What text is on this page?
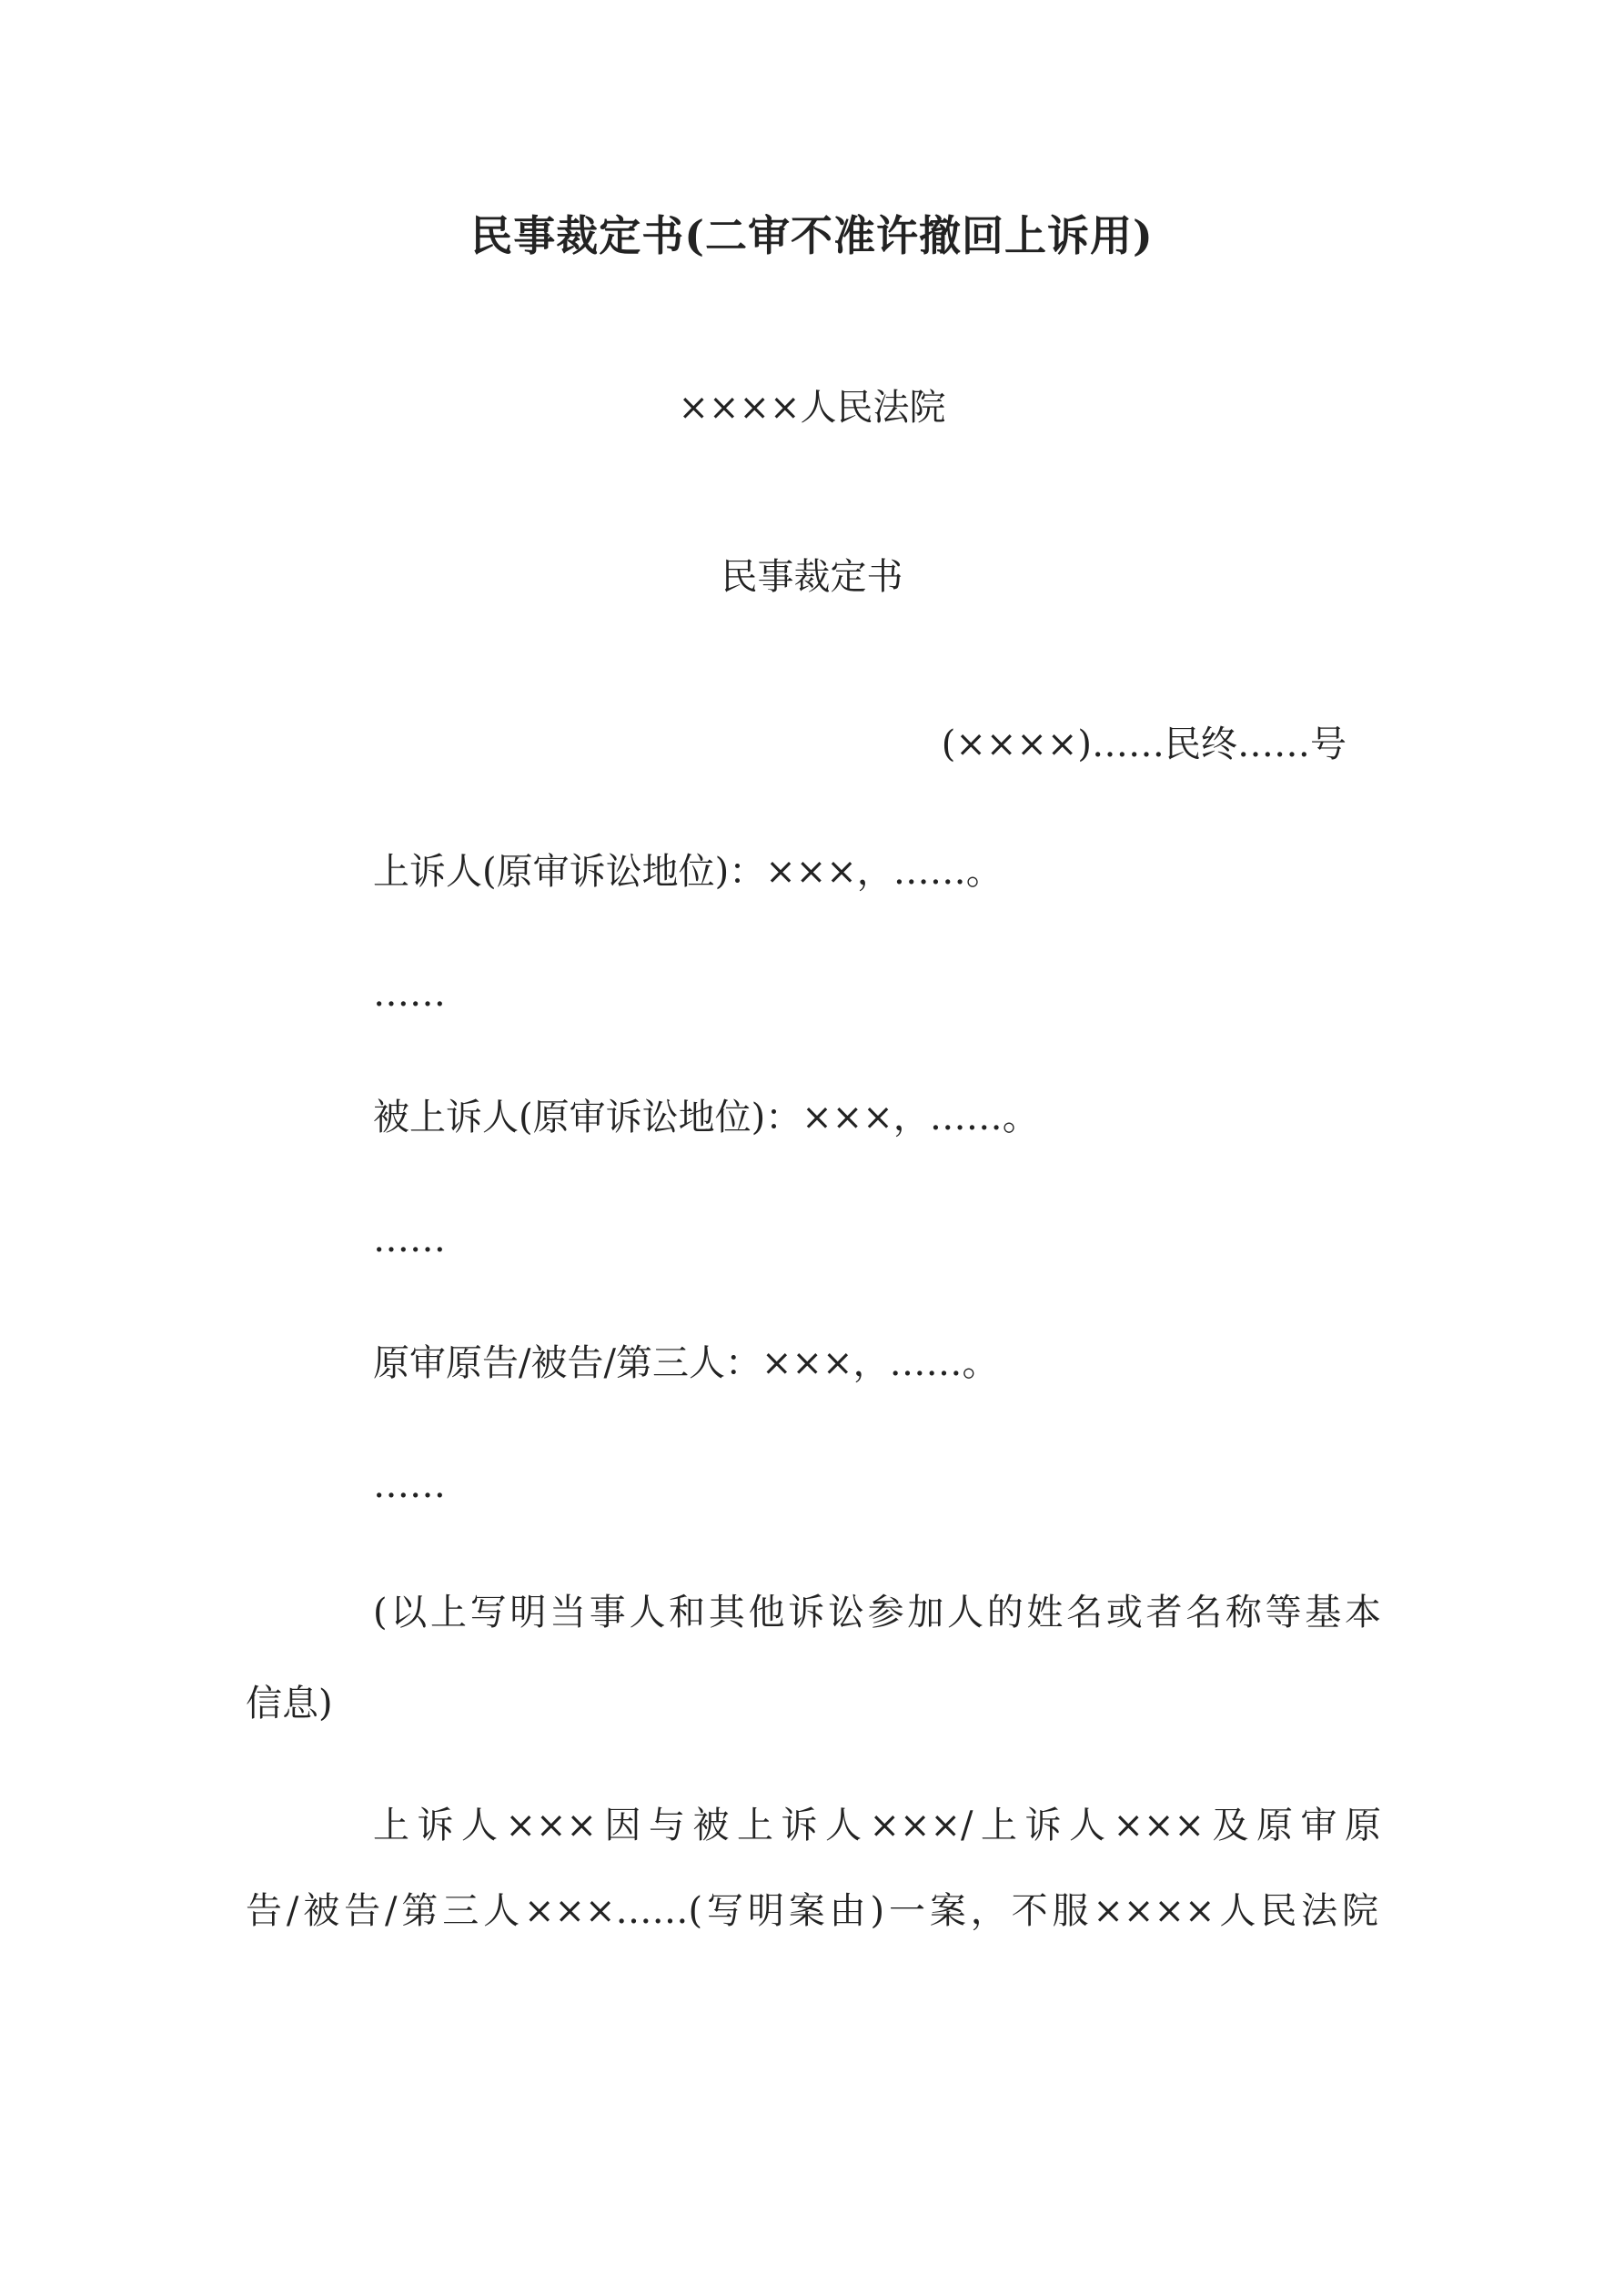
民事裁定书(二审不准许撤回上诉用)
××××人民法院
民事裁定书
(××××)……民终……号
上诉人(原审诉讼地位)：×××，……。
……
被上诉人(原审诉讼地位)：×××，……。
……
原审原告/被告/第三人：×××，……。
……
(以上写明当事人和其他诉讼参加人的姓名或者名称等基本
信息)
上诉人×××因与被上诉人×××/上诉人×××及原审原
告/被告/第三人×××……(写明案由)一案，不服××××人民法院
